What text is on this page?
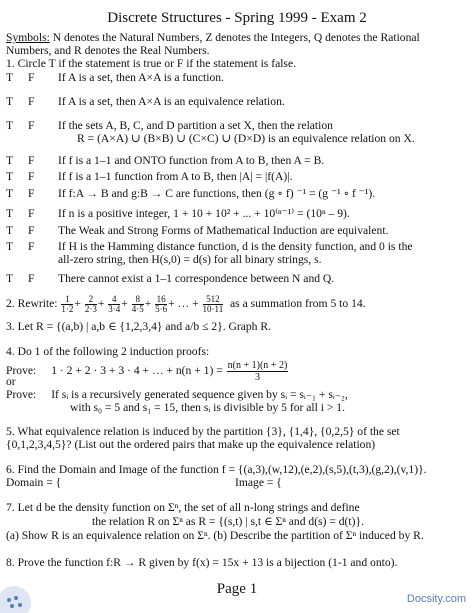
Discrete Structures - Spring 1999 - Exam 2
Symbols: N denotes the Natural Numbers, Z denotes the Integers, Q denotes the Rational
Numbers, and R denotes the Real Numbers.
1. Circle T if the statement is true or F if the statement is false.
T F If A is a set, then A×A is a function.
T F If A is a set, then A×A is an equivalence relation.
T F If the sets A, B, C, and D partition a set X, then the relation
R = (A×A) ∪ (B×B) ∪ (C×C) ∪ (D×D) is an equivalence relation on X.
T F If f is a 1–1 and ONTO function from A to B, then A = B.
T F If f is a 1–1 function from A to B, then |A| = |f(A)|.
T F If f:A → B and g:B → C are functions, then (g ∘ f) ⁻¹ = (g ⁻¹ ∘ f ⁻¹).
T F If n is a positive integer, 1 + 10 + 10² + ... + 10⁽ⁿ⁻¹⁾ = (10ⁿ – 9).
T F The Weak and Strong Forms of Mathematical Induction are equivalent.
T F If H is the Hamming distance function, d is the density function, and 0 is the
all-zero string, then H(s,0) = d(s) for all binary strings, s.
T F There cannot exist a 1–1 correspondence between N and Q.
2. Rewrite: $\frac{1}{1\cdot 2} + \frac{2}{2\cdot 3} + \frac{4}{3\cdot 4} + \frac{8}{4\cdot 5} + \frac{16}{5\cdot 6}$ + … + $\frac{512}{10\cdot 11}$ as a summation from 5 to 14.
3. Let R = {(a,b) | a,b ∈ {1,2,3,4} and a/b ≤ 2}. Graph R.
4. Do 1 of the following 2 induction proofs:
Prove: 1 · 2 + 2 · 3 + 3 · 4 + … + $n(n + 1) = \frac{n(n + 1)(n + 2)}{3}$
or
Prove: If sᵢ is a recursively generated sequence given by sᵢ = sᵢ₋₁ + sᵢ₋₂,
with s₀ = 5 and s₁ = 15, then sᵢ is divisible by 5 for all i > 1.
5. What equivalence relation is induced by the partition {3}, {1,4}, {0,2,5} of the set
{0,1,2,3,4,5}? (List out the ordered pairs that make up the equivalence relation)
6. Find the Domain and Image of the function f = {(a,3),(w,12),(e,2),(s,5),(t,3),(g,2),(v,1)}.
Domain = {	Image = {
7. Let d be the density function on Σⁿ, the set of all n-long strings and define
the relation R on Σⁿ as R = {(s,t) | s,t ∈ Σⁿ and d(s) = d(t)}.
(a) Show R is an equivalence relation on Σⁿ. (b) Describe the partition of Σⁿ induced by R.
8. Prove the function f:R → R given by f(x) = 15x + 13 is a bijection (1-1 and onto).
Page 1
Docsity.com
